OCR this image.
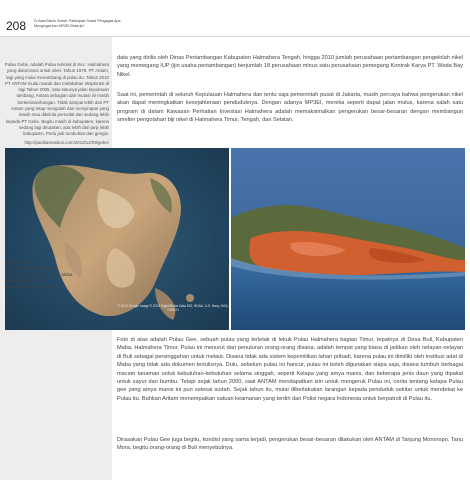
208 Di Atas Bisnis Sosial: Partisipasi Sosial Pengagas Apa
Mengingat kan MP3EI Bekerja?
Pulau Gebe, adalah Pulau terletak di Kec. Halmahera yang didominasi untuk nikel. Tahun 1979, PT Antam, lagi yang mulai menambang di pulau itu. Tahun 2010 PT ANTAM mulai masuk dan melakukan eksplorasi di lagi Tahun 2005, satu-satunya jalan kepulauan tambang, Antara sebagian dari mutasi ini masih berkesinambungan. Tidak sampai lebih dari PT Antam yang tetap mengolah dan menyimpan yang masih mau dikelola pemodal dan sedang lebih kepada PT Gebe. Begitu masih di kabupaten, karena sedang lagi dirutakan, ada lebih dari janji lebih kabupaten. Perlu jadi tumbuhan dan gengis.
http://pasibarnaskun.com/2013/12/09/gebe/
data yang dirilis oleh Dinas Pertambangan Kabupaten Halmahera Tengah, hingga 2010 jumlah perusahaan pertambangan pengelolah nikel yang memegang IUP (ijin usaha pertambangan) berjumlah 18 perusahaan minus satu perusahaan pemegang Kontrak Karya PT. Weda Bay Nikel.
Saat ini, pemerintah di seluruh Kepulauan Halmahera dan tentu saja pemerintah pusat di Jakarta, masih percaya bahwa pengerukan nikel akan dapat meningkatkan kesejahteraan penduduknya. Dengan adanya MP3EI, mereka seperti dapat jalan mulus, karena salah satu program di dalam Kawasan Perhatian Investasi Halmahera adalah memaksimalkan pengerukan besar-besaran dengan membangun smelter pengolahan biji nikel di Halmahera Timur, Tengah, dan Selatan.
© 2013 Google Image © 2013 DigitalGlobe Data SIO, NOAA, U.S. Navy, NGA, GEBCO
Gambar 3:
Kiri: Citra satelit Pulau Gee
Kanan: Pulau Gee, Buli, Kab. Maba,
Halmahera Timur.
Sumber: Dok. WALHI Malut
Foto di atas adalah Pulau Gee, sebuah pulau yang terletak di lekuk Pulau Halmahera bagian Timur, tepatnya di Desa Buli, Kabupaten Maba, Halmahera Timur. Pulau ini menurut dari penuturan orang-orang disana, adalah tempat yang biasa di jadikan oleh nelayan-nelayan di Buli sebagai persinggahan untuk melaut. Disana tidak ada sistem kepemilikan lahan pribadi, karena pulau ini dimiliki oleh institusi adat di Maba yang tidak ada dokumen tertulisnya. Dulu, sebelum pulau ini hancur, pulau ini boleh digunakan siapa saja, disana tumbuh berbagai macam tanaman untuk kebutuhan-kebutuhan selama singgah, seperti Kelapa yang amya manis, dan beberapa jenis daun yang dipakai untuk sayur dan bumbu. Tetapi sejak tahun 2000, saat ANTAM mendapatkan izin untuk mengeruk Pulau ini, cerita tentang kelapa Pulau gee yang amya manis ini pun selesai sudah. Sejak tahun itu, mulai diberlakukan larangan kepada penduduk sekitar untuk mendekat ke Pulau itu. Bahkan Aritam menempatkan satuan keamanan yang terdiri dari Polisi negara Indonesia untuk berpatroli di Pulau itu.
Dirasakan Pulau Gee juga begitu, kondisi yang sama terjadi, pengerukan besar-besaran dilakukan oleh ANTAM di Tanjung Moronopo. Tanu Mora, begitu orang-orang di Buli menyebutnya.
